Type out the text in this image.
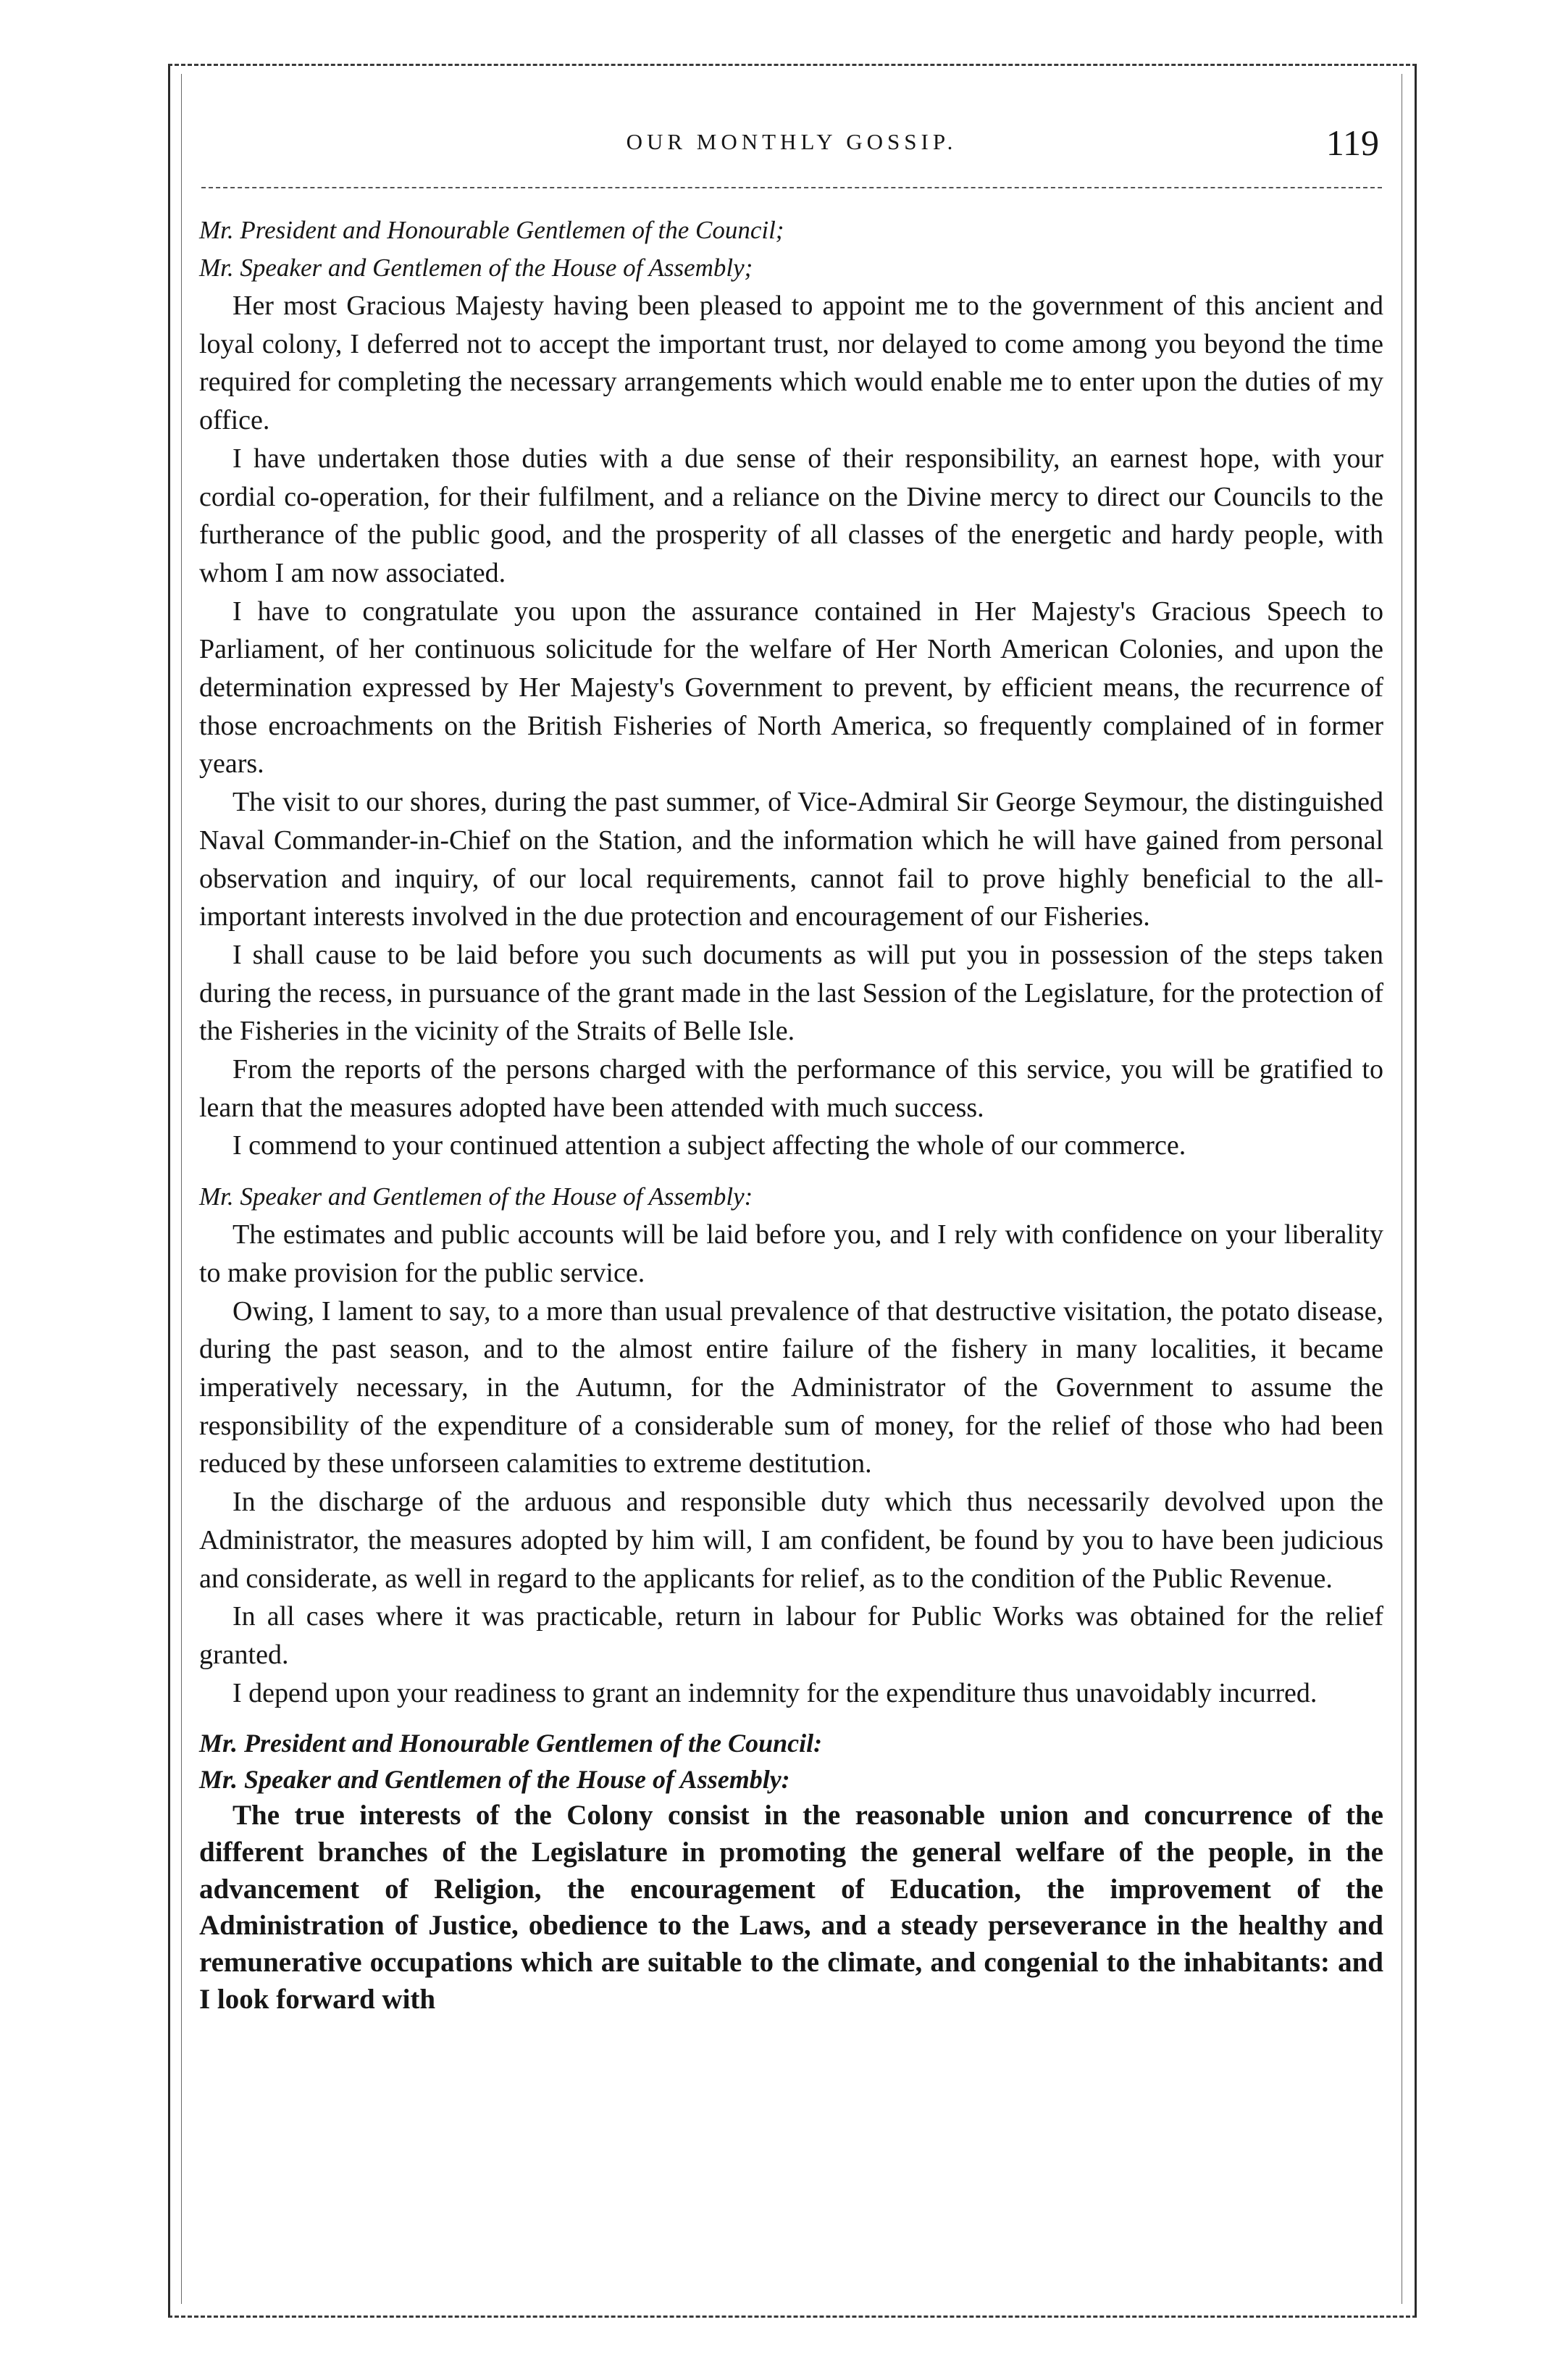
OUR MONTHLY GOSSIP.	119

Mr. President and Honourable Gentlemen of the Council;

Mr. Speaker and Gentlemen of the House of Assembly;

Her most Gracious Majesty having been pleased to appoint me to the government of this ancient and loyal colony, I deferred not to accept the important trust, nor delayed to come among you beyond the time required for completing the necessary arrangements which would enable me to enter upon the duties of my office.

I have undertaken those duties with a due sense of their responsibility, an earnest hope, with your cordial co-operation, for their fulfilment, and a reliance on the Divine mercy to direct our Councils to the furtherance of the public good, and the prosperity of all classes of the energetic and hardy people, with whom I am now associated.

I have to congratulate you upon the assurance contained in Her Majesty's Gracious Speech to Parliament, of her continuous solicitude for the welfare of Her North American Colonies, and upon the determination expressed by Her Majesty's Government to prevent, by efficient means, the recurrence of those encroachments on the British Fisheries of North America, so frequently complained of in former years.

The visit to our shores, during the past summer, of Vice-Admiral Sir George Seymour, the distinguished Naval Commander-in-Chief on the Station, and the information which he will have gained from personal observation and inquiry, of our local requirements, cannot fail to prove highly beneficial to the all-important interests involved in the due protection and encouragement of our Fisheries.

I shall cause to be laid before you such documents as will put you in possession of the steps taken during the recess, in pursuance of the grant made in the last Session of the Legislature, for the protection of the Fisheries in the vicinity of the Straits of Belle Isle.

From the reports of the persons charged with the performance of this service, you will be gratified to learn that the measures adopted have been attended with much success.

I commend to your continued attention a subject affecting the whole of our commerce.

Mr. Speaker and Gentlemen of the House of Assembly:

The estimates and public accounts will be laid before you, and I rely with confidence on your liberality to make provision for the public service.

Owing, I lament to say, to a more than usual prevalence of that destructive visitation, the potato disease, during the past season, and to the almost entire failure of the fishery in many localities, it became imperatively necessary, in the Autumn, for the Administrator of the Government to assume the responsibility of the expenditure of a considerable sum of money, for the relief of those who had been reduced by these unforseen calamities to extreme destitution.

In the discharge of the arduous and responsible duty which thus necessarily devolved upon the Administrator, the measures adopted by him will, I am confident, be found by you to have been judicious and considerate, as well in regard to the applicants for relief, as to the condition of the Public Revenue.

In all cases where it was practicable, return in labour for Public Works was obtained for the relief granted.

I depend upon your readiness to grant an indemnity for the expenditure thus unavoidably incurred.

Mr. President and Honourable Gentlemen of the Council:

Mr. Speaker and Gentlemen of the House of Assembly:

The true interests of the Colony consist in the reasonable union and concurrence of the different branches of the Legislature in promoting the general welfare of the people, in the advancement of Religion, the encouragement of Education, the improvement of the Administration of Justice, obedience to the Laws, and a steady perseverance in the healthy and remunerative occupations which are suitable to the climate, and congenial to the inhabitants: and I look forward with
